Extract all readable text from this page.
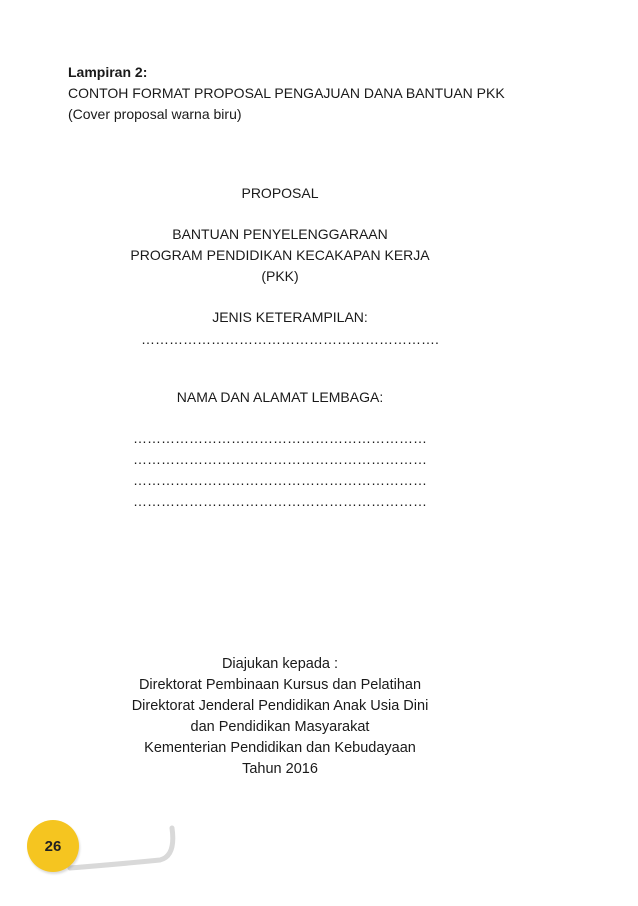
Lampiran 2:
CONTOH FORMAT PROPOSAL PENGAJUAN DANA BANTUAN PKK
(Cover proposal warna biru)
PROPOSAL
BANTUAN PENYELENGGARAAN
PROGRAM PENDIDIKAN KECAKAPAN KERJA
(PKK)
JENIS KETERAMPILAN:
……………………………………………………….
NAMA DAN ALAMAT LEMBAGA:
………………………………………………………
………………………………………………………
………………………………………………………
………………………………………………………
Diajukan kepada :
Direktorat Pembinaan Kursus dan Pelatihan
Direktorat Jenderal Pendidikan Anak Usia Dini
dan Pendidikan Masyarakat
Kementerian Pendidikan dan Kebudayaan
Tahun 2016
26
